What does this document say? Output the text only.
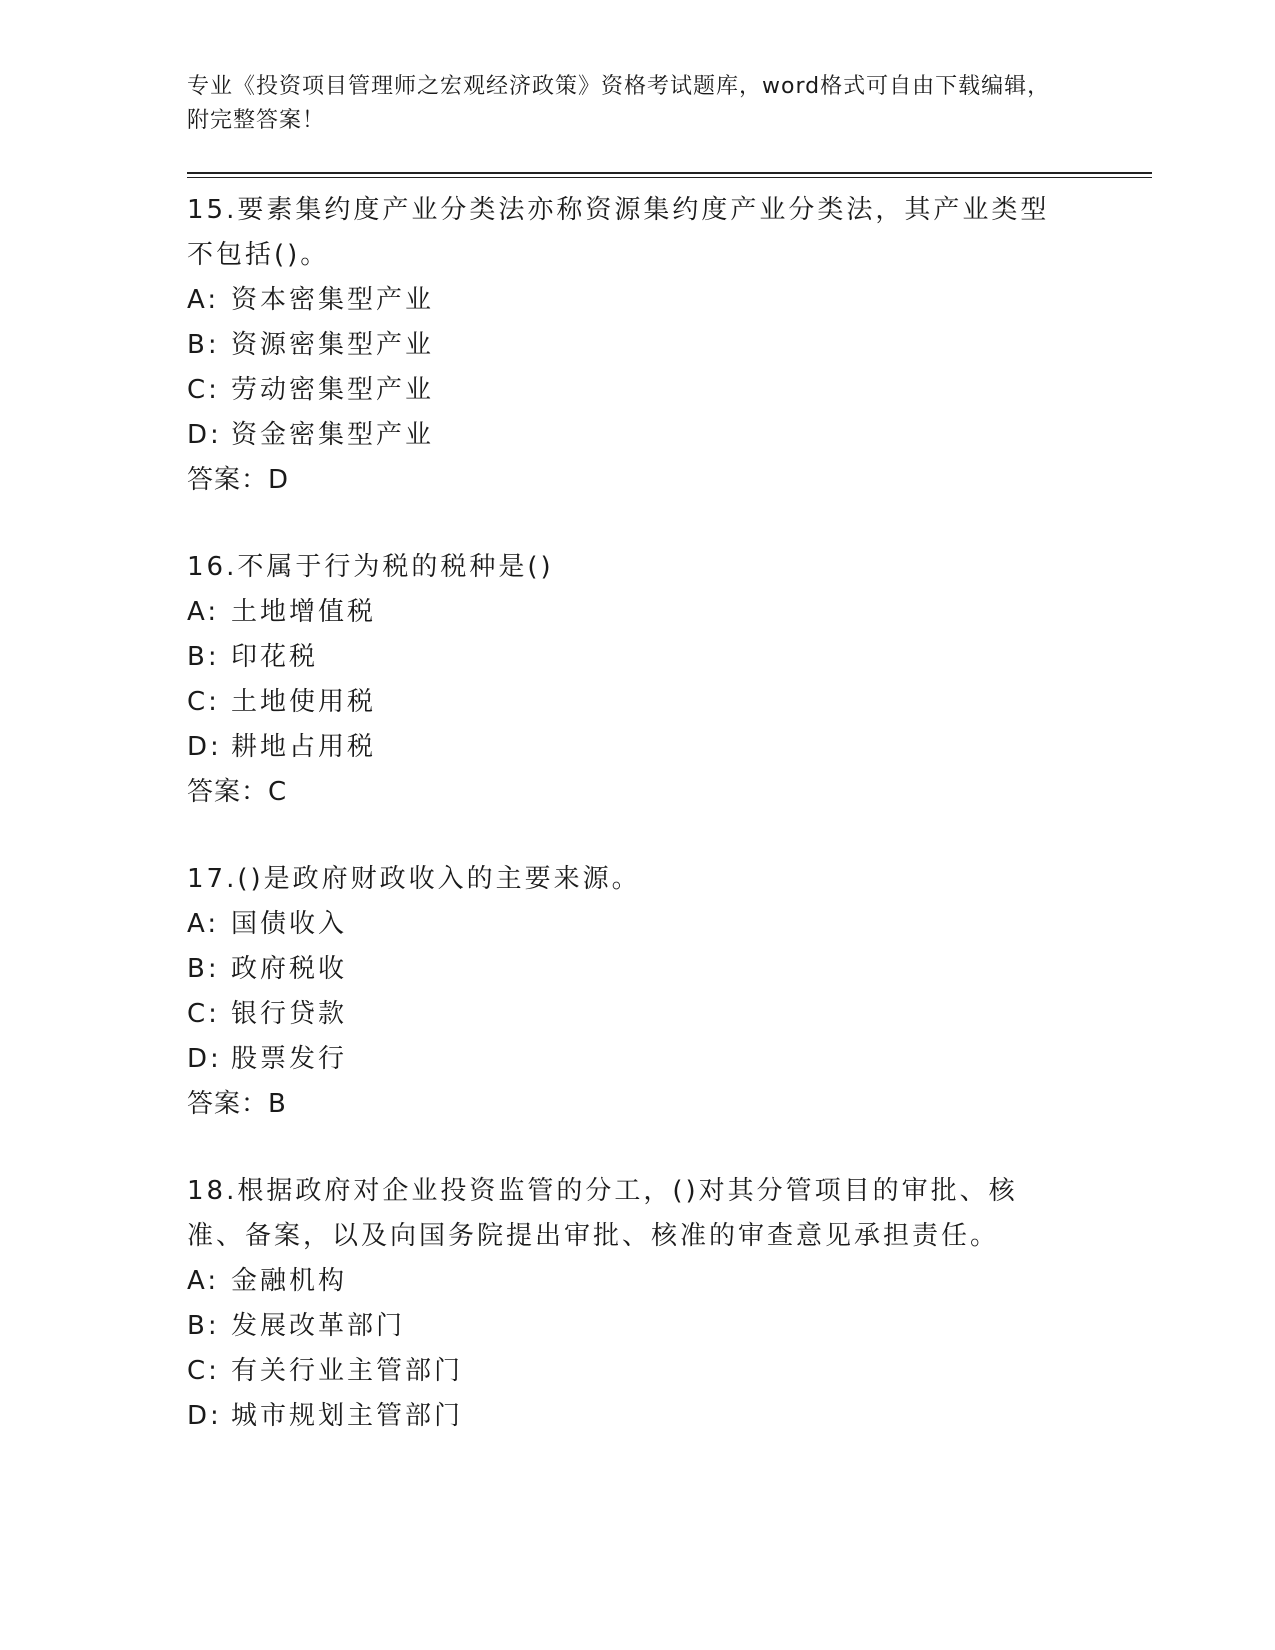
专业《投资项目管理师之宏观经济政策》资格考试题库，word格式可自由下载编辑，附完整答案！

15.要素集约度产业分类法亦称资源集约度产业分类法，其产业类型不包括()。

A: 资本密集型产业

B: 资源密集型产业

C: 劳动密集型产业

D: 资金密集型产业

答案：D

16.不属于行为税的税种是()

A: 土地增值税

B: 印花税

C: 土地使用税

D: 耕地占用税

答案：C

17.()是政府财政收入的主要来源。

A: 国债收入

B: 政府税收

C: 银行贷款

D: 股票发行

答案：B

18.根据政府对企业投资监管的分工，()对其分管项目的审批、核准、备案，以及向国务院提出审批、核准的审查意见承担责任。

A: 金融机构

B: 发展改革部门

C: 有关行业主管部门

D: 城市规划主管部门
